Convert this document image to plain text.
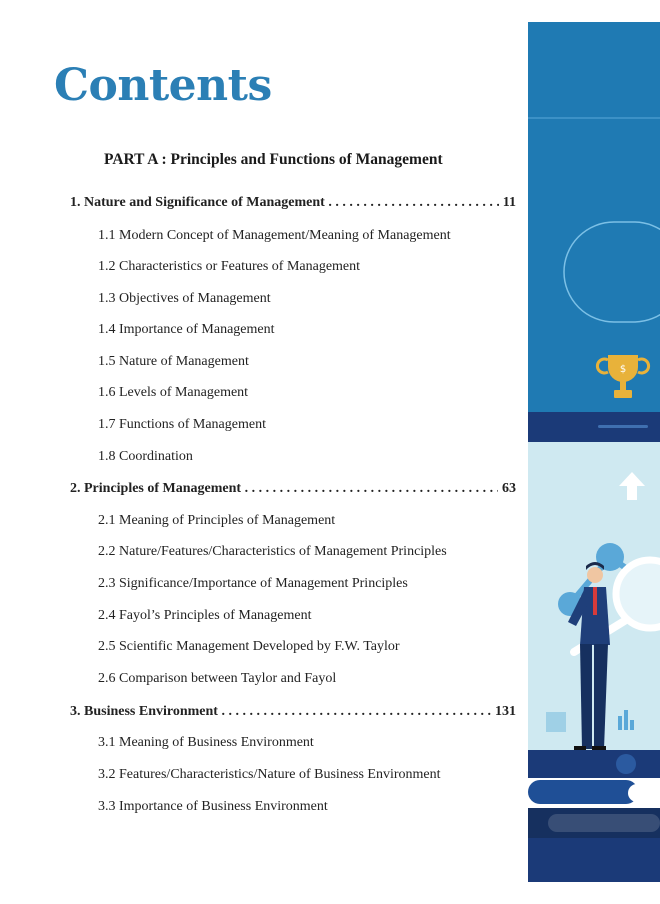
Contents
PART A : Principles and Functions of Management
1. Nature and Significance of Management . . .	11
1.1 Modern Concept of Management/Meaning of Management
1.2 Characteristics or Features of Management
1.3 Objectives of Management
1.4 Importance of Management
1.5 Nature of Management
1.6 Levels of Management
1.7 Functions of Management
1.8 Coordination
2. Principles of Management . . .	63
2.1 Meaning of Principles of Management
2.2 Nature/Features/Characteristics of Management Principles
2.3 Significance/Importance of Management Principles
2.4 Fayol’s Principles of Management
2.5 Scientific Management Developed by F.W. Taylor
2.6 Comparison between Taylor and Fayol
3. Business Environment . . .	131
3.1 Meaning of Business Environment
3.2 Features/Characteristics/Nature of Business Environment
3.3 Importance of Business Environment
$
